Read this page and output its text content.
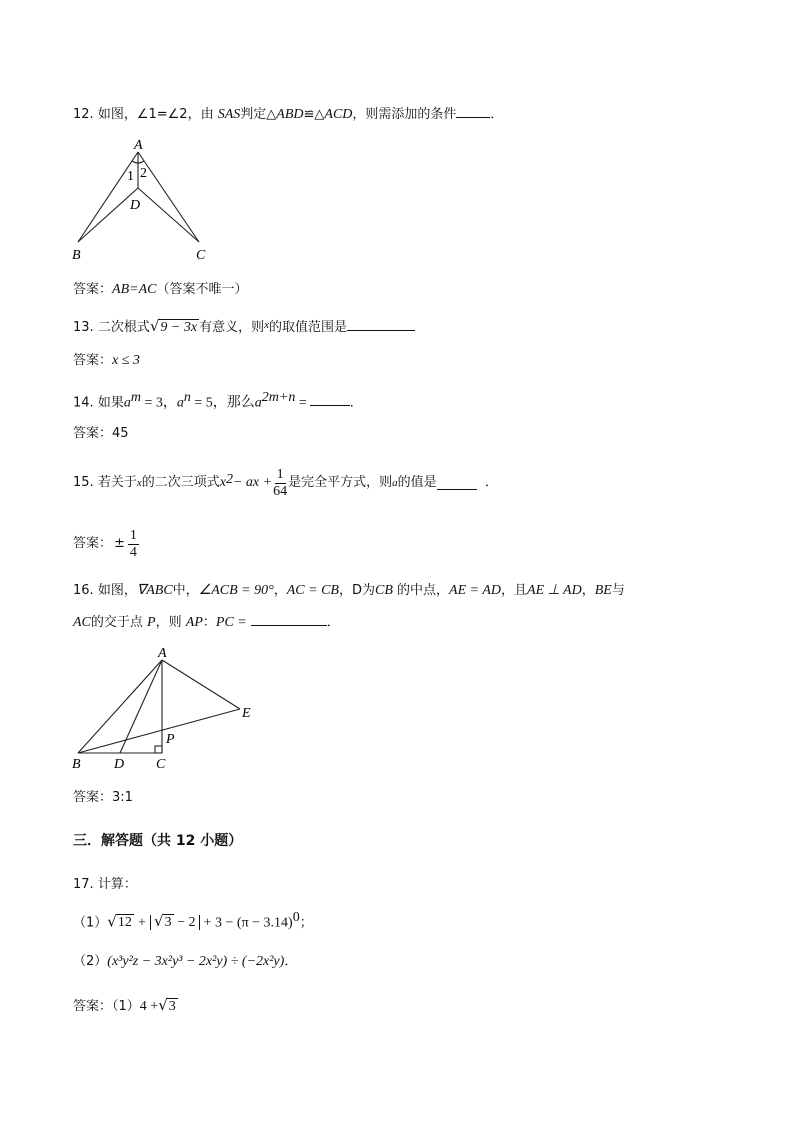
12. 如图，∠1=∠2，由 SAS判定△ABD≌△ACD，则需添加的条件	．
A
1 2
D
B	C
答案：AB=AC（答案不唯一）
13. 二次根式√9 − 3x 有意义，则$^x$的取值范围是
答案：x ≤ 3
14. 如果$a^m = 3$，$a^n = 5$，那么$a^{2m+n}$ =	．
答案：45
15.
若关于 x 的二次三项式 x 2 − ax + $\frac{1}{64}$ 是完全平方式，则 a 的值是
	．
答案： ± $\frac{1}{4}$
16. 如图，∇ABC中，∠ACB = 90°，AC = CB，D为CB 的中点，AE = AD，且AE ⊥ AD，BE与
AC的交于点 P，则 AP：PC =	．
A
E
P
B D C
答案：3:1
三．解答题（共 12 小题）
17. 计算：
$(1)√12 + √3 - 2 + 3 - (\pi - 3.14)^0$；
（2）(x³y²z − 3x²y³ − 2x²y) ÷ (−2x²y)．
答案：（1）4 +√3
